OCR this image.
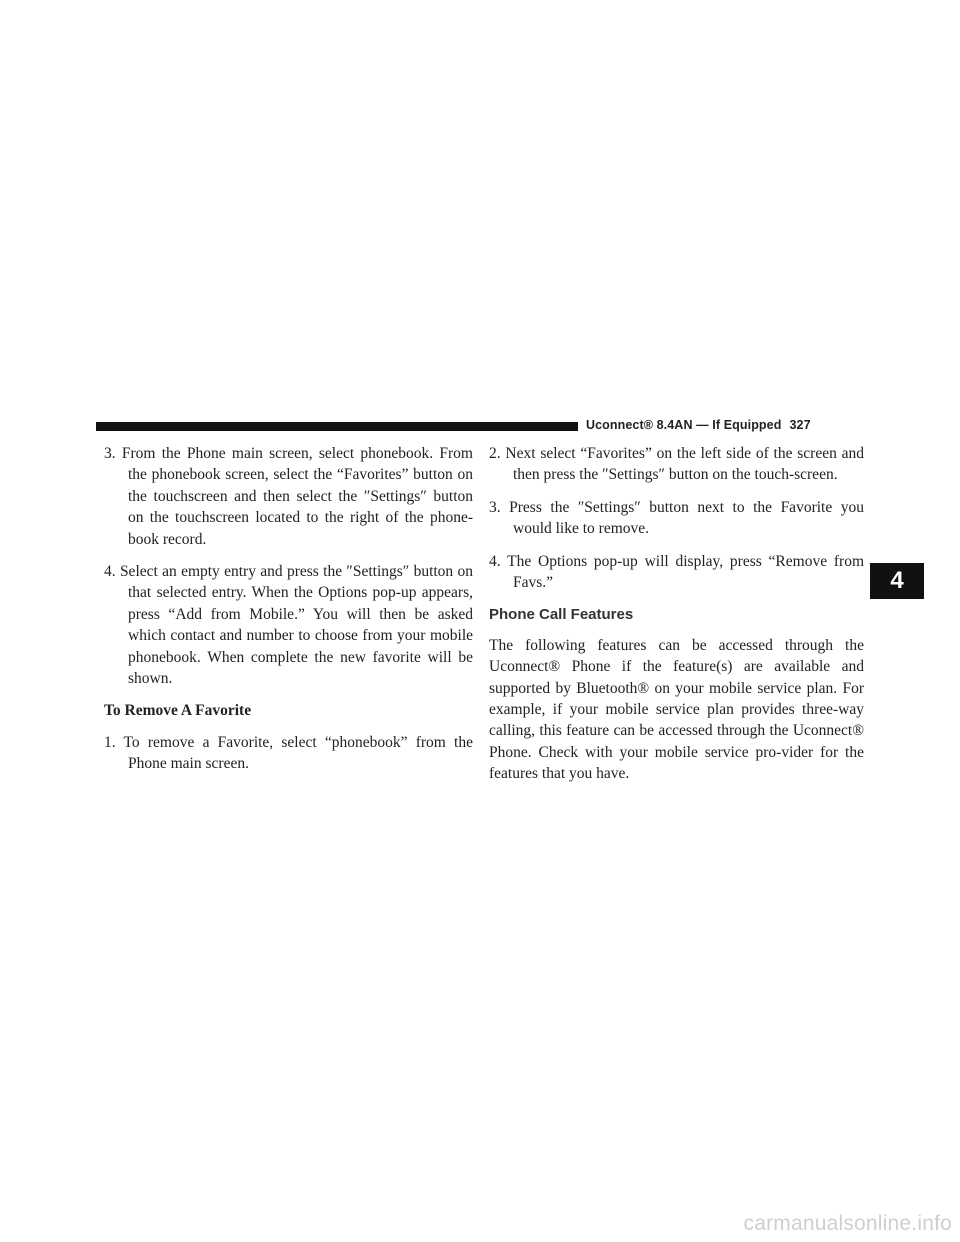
Uconnect® 8.4AN — If Equipped 327

3. From the Phone main screen, select phonebook. From the phonebook screen, select the “Favorites” button on the touchscreen and then select the ″Settings″ button on the touchscreen located to the right of the phone-book record.

4. Select an empty entry and press the ″Settings″ button on that selected entry. When the Options pop-up appears, press “Add from Mobile.” You will then be asked which contact and number to choose from your mobile phonebook. When complete the new favorite will be shown.

To Remove A Favorite

1. To remove a Favorite, select “phonebook” from the Phone main screen.

2. Next select “Favorites” on the left side of the screen and then press the ″Settings″ button on the touch-screen.

3. Press the ″Settings″ button next to the Favorite you would like to remove.

4. The Options pop-up will display, press “Remove from Favs.”

Phone Call Features

The following features can be accessed through the Uconnect® Phone if the feature(s) are available and supported by Bluetooth® on your mobile service plan. For example, if your mobile service plan provides three-way calling, this feature can be accessed through the Uconnect® Phone. Check with your mobile service pro-vider for the features that you have.

4
carmanualsonline.info
